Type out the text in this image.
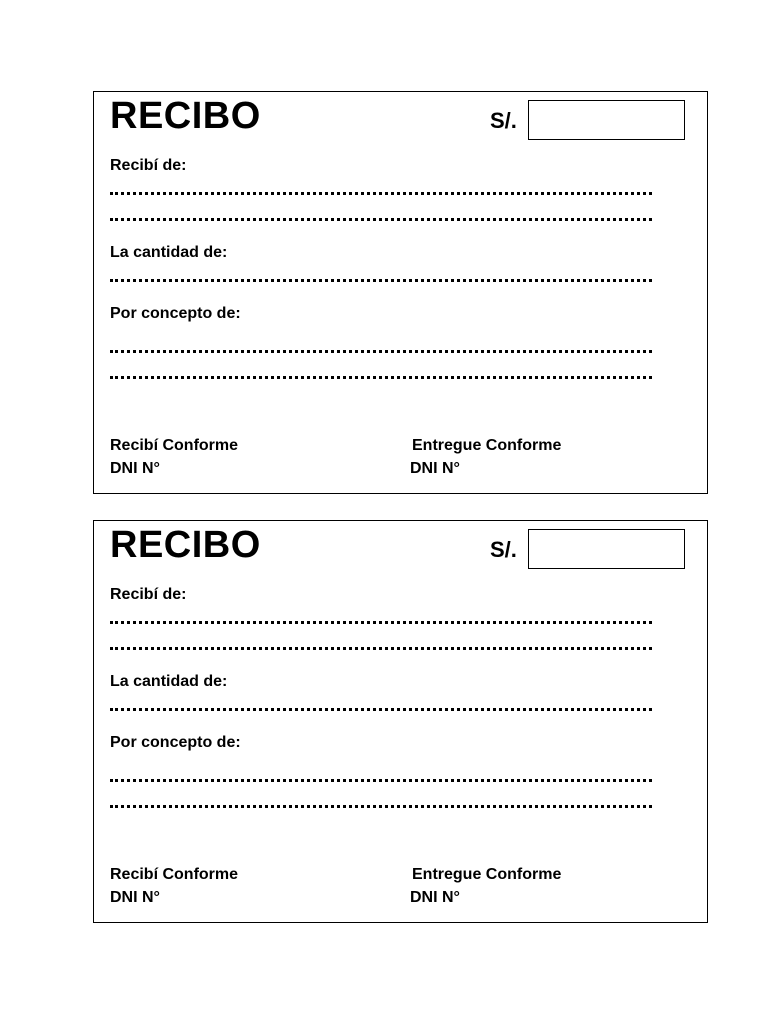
RECIBO	S/.
Recibí de:
La cantidad de:
Por concepto de:
Recibí Conforme
DNI N°
Entregue Conforme
DNI N°
RECIBO	S/.
Recibí de:
La cantidad de:
Por concepto de:
Recibí Conforme
DNI N°
Entregue Conforme
DNI N°
